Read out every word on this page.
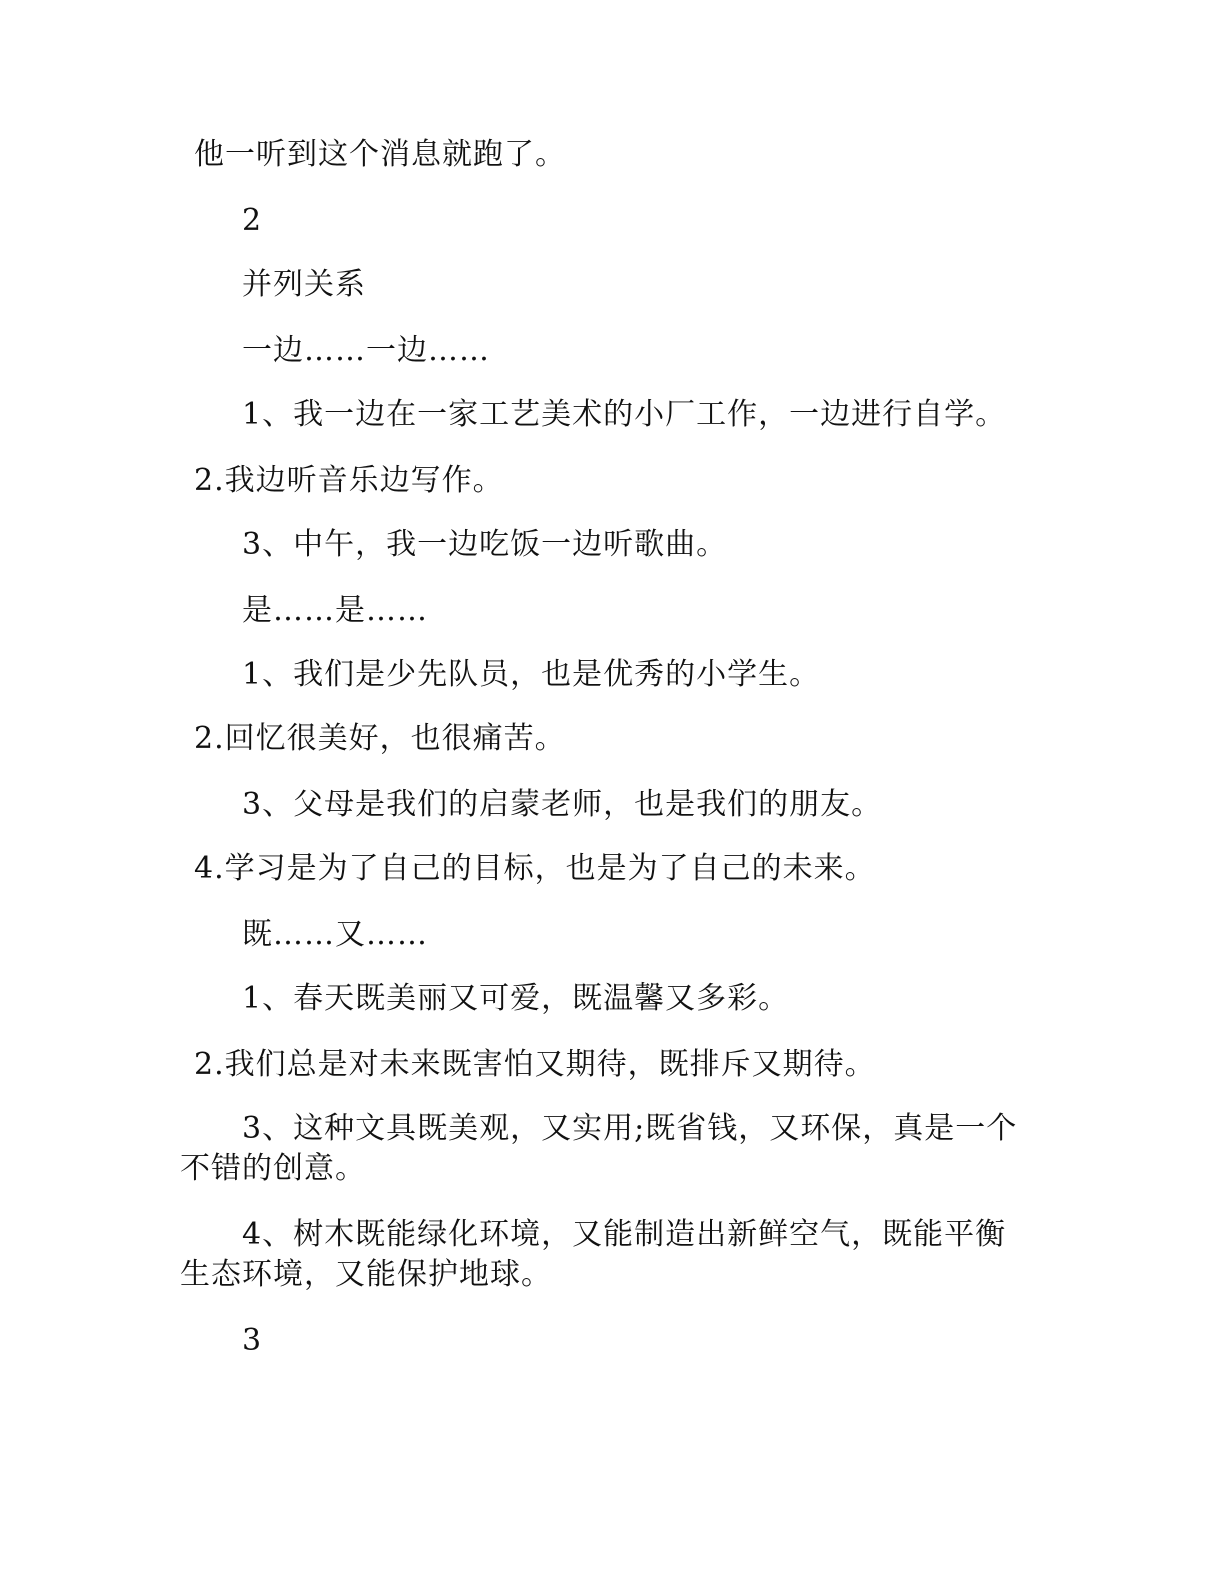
他一听到这个消息就跑了。
2
并列关系
一边……一边……
1、我一边在一家工艺美术的小厂工作，一边进行自学。
2.我边听音乐边写作。
3、中午，我一边吃饭一边听歌曲。
是……是……
1、我们是少先队员，也是优秀的小学生。
2.回忆很美好，也很痛苦。
3、父母是我们的启蒙老师，也是我们的朋友。
4.学习是为了自己的目标，也是为了自己的未来。
既……又……
1、春天既美丽又可爱，既温馨又多彩。
2.我们总是对未来既害怕又期待，既排斥又期待。
3、这种文具既美观，又实用;既省钱，又环保，真是一个
不错的创意。
4、树木既能绿化环境，又能制造出新鲜空气，既能平衡
生态环境，又能保护地球。
3
